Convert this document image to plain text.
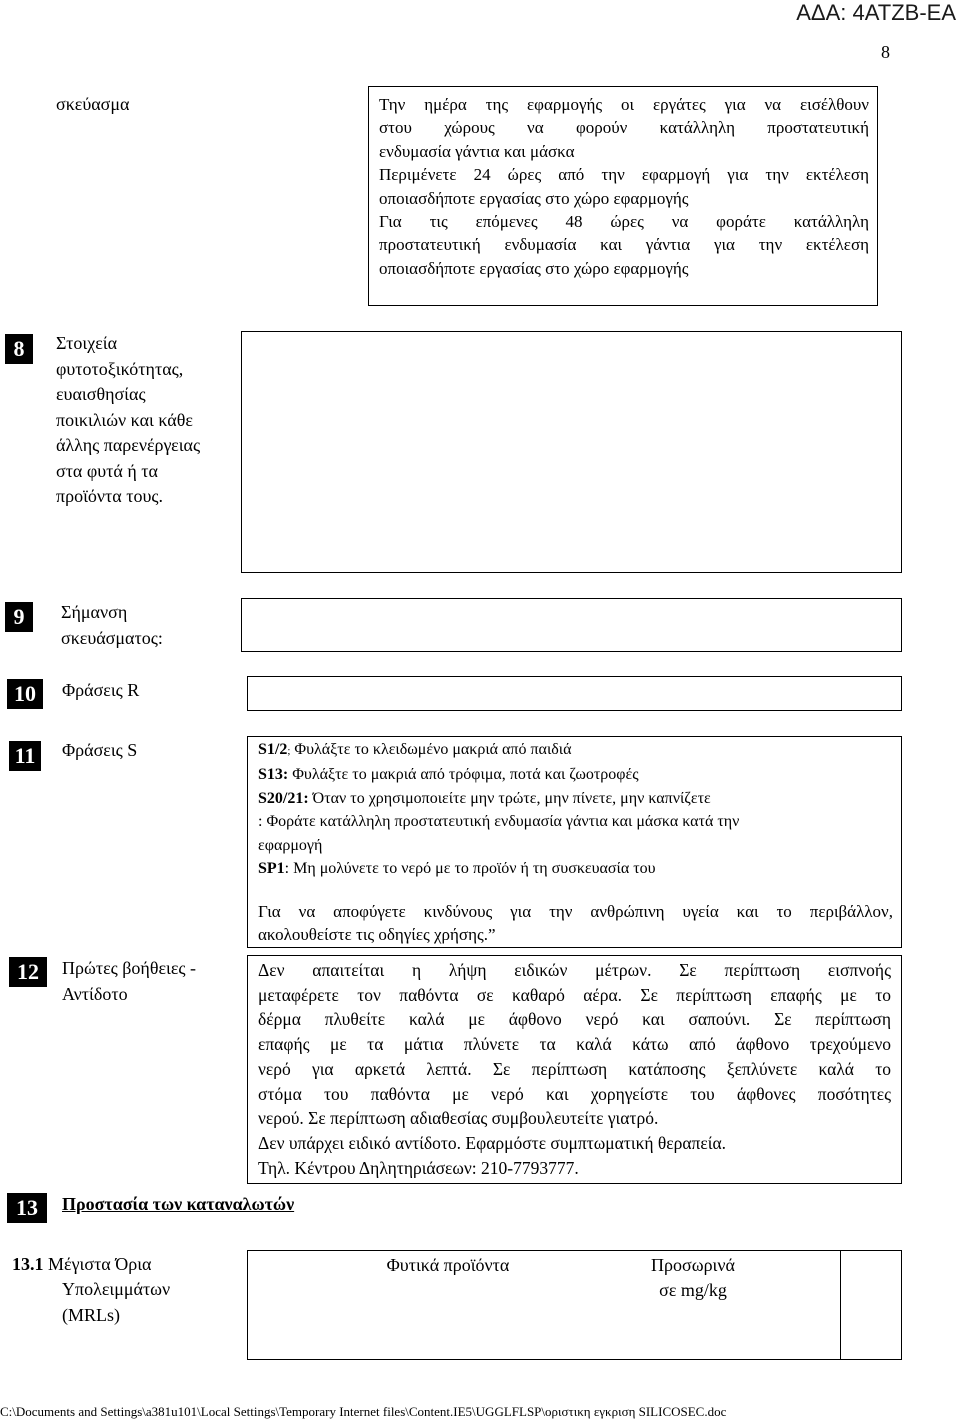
ΑΔΑ: 4ΑΤΖΒ-ΕΑ
8
σκεύασμα	Την ημέρα της εφαρμογής οι εργάτες για να εισέλθουν
στου χώρους να φορούν κατάλληλη προστατευτική
ενδυμασία γάντια και μάσκα
Περιμένετε 24 ώρες από την εφαρμογή για την εκτέλεση
οποιασδήποτε εργασίας στο χώρο εφαρμογής
Για τις επόμενες 48 ώρες να φοράτε κατάλληλη
προστατευτική ενδυμασία και γάντια για την εκτέλεση
οποιασδήποτε εργασίας στο χώρο εφαρμογής
8	Στοιχεία
φυτοτοξικότητας,
ευαισθησίας
ποικιλιών και κάθε
άλλης παρενέργειας
στα φυτά ή τα
προϊόντα τους.
9	Σήμανση
σκευάσματος:
10	Φράσεις R
11	Φράσεις S	S1/2; Φυλάξτε το κλειδωμένο μακριά από παιδιά
S13: Φυλάξτε το μακριά από τρόφιμα, ποτά και ζωοτροφές
S20/21: Όταν το χρησιμοποιείτε μην τρώτε, μην πίνετε, μην καπνίζετε
: Φοράτε κατάλληλη προστατευτική ενδυμασία γάντια και μάσκα κατά την
εφαρμογή
SP1: Μη μολύνετε το νερό με το προϊόν ή τη συσκευασία του
Για να αποφύγετε κινδύνους για την ανθρώπινη υγεία και το περιβάλλον,
ακολουθείστε τις οδηγίες χρήσης.”
12	Πρώτες βοήθειες -
Αντίδοτο
Δεν απαιτείται η λήψη ειδικών μέτρων. Σε περίπτωση εισπνοής
μεταφέρετε τον παθόντα σε καθαρό αέρα. Σε περίπτωση επαφής με το
δέρμα πλυθείτε καλά με άφθονο νερό και σαπούνι. Σε περίπτωση
επαφής με τα μάτια πλύνετε τα καλά κάτω από άφθονο τρεχούμενο
νερό για αρκετά λεπτά. Σε περίπτωση κατάποσης ξεπλύνετε καλά το
στόμα του παθόντα με νερό και χορηγείστε του άφθονες ποσότητες
νερού. Σε περίπτωση αδιαθεσίας συμβουλευτείτε γιατρό.
Δεν υπάρχει ειδικό αντίδοτο. Εφαρμόστε συμπτωματική θεραπεία.
Τηλ. Κέντρου Δηλητηριάσεων: 210-7793777.
13	Προστασία των καταναλωτών
13.1 Μέγιστα Όρια
Υπολειμμάτων
(MRLs)
Φυτικά προϊόντα	Προσωρινά
σε mg/kg
C:\Documents and Settings\a381u101\Local Settings\Temporary Internet files\Content.IE5\UGGLFLSP\οριστικη εγκριση SILICOSEC.doc
